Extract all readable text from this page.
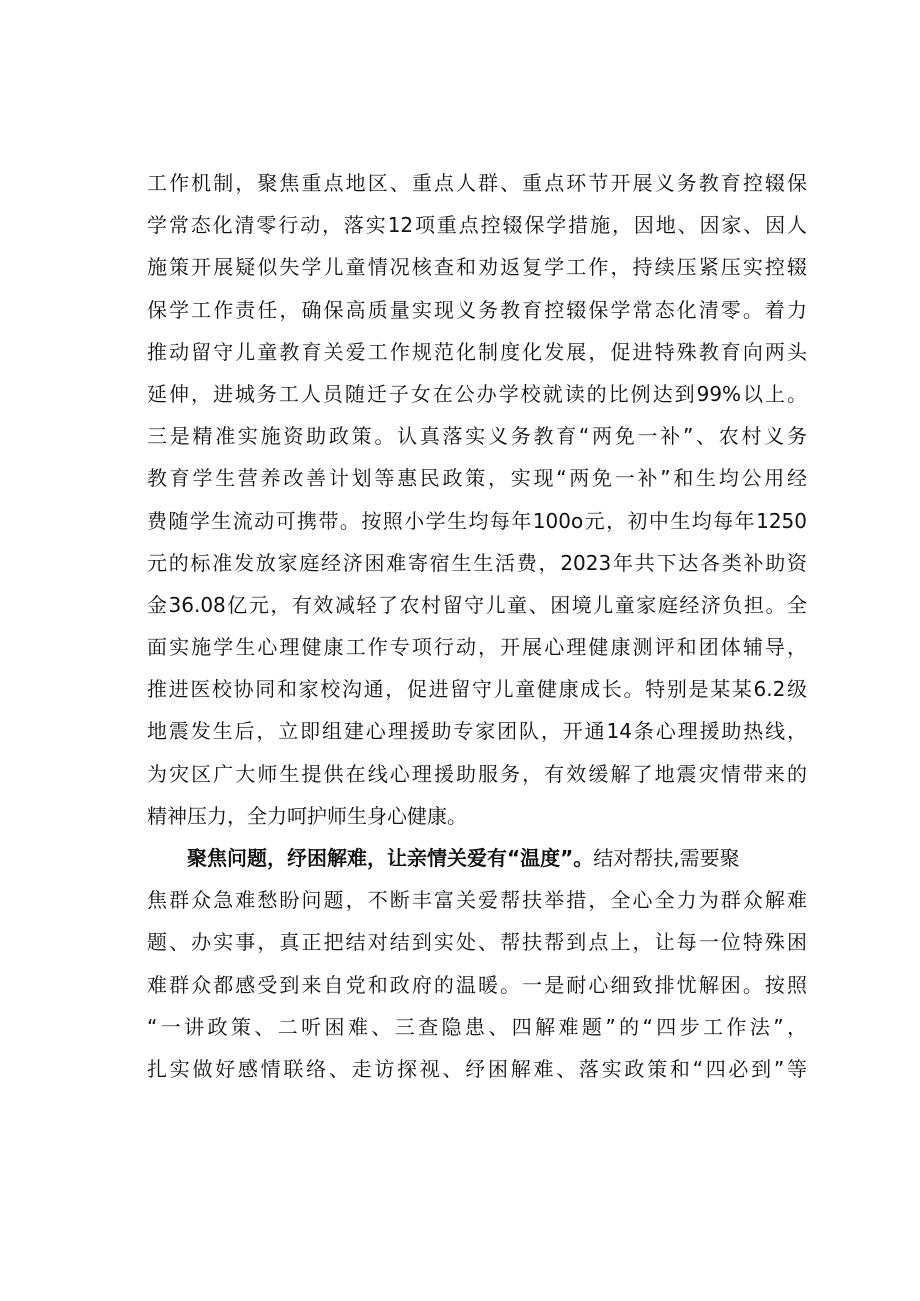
工作机制，聚焦重点地区、重点人群、重点环节开展义务教育控辍保
学常态化清零行动，落实12项重点控辍保学措施，因地、因家、因人
施策开展疑似失学儿童情况核查和劝返复学工作，持续压紧压实控辍
保学工作责任，确保高质量实现义务教育控辍保学常态化清零。着力
推动留守儿童教育关爱工作规范化制度化发展，促进特殊教育向两头
延伸，进城务工人员随迁子女在公办学校就读的比例达到99%以上。
三是精准实施资助政策。认真落实义务教育“两免一补”、农村义务
教育学生营养改善计划等惠民政策，实现“两免一补”和生均公用经
费随学生流动可携带。按照小学生均每年100o元，初中生均每年1250
元的标准发放家庭经济困难寄宿生生活费，2023年共下达各类补助资
金36.08亿元，有效减轻了农村留守儿童、困境儿童家庭经济负担。全
面实施学生心理健康工作专项行动，开展心理健康测评和团体辅导，
推进医校协同和家校沟通，促进留守儿童健康成长。特别是某某6.2级
地震发生后，立即组建心理援助专家团队，开通14条心理援助热线，
为灾区广大师生提供在线心理援助服务，有效缓解了地震灾情带来的
精神压力，全力呵护师生身心健康。
聚焦问题，纾困解难，让亲情关爱有“温度”。 结对帮扶,需要聚
焦群众急难愁盼问题，不断丰富关爱帮扶举措，全心全力为群众解难
题、办实事，真正把结对结到实处、帮扶帮到点上，让每一位特殊困
难群众都感受到来自党和政府的温暖。一是耐心细致排忧解困。按照
“一讲政策、二听困难、三查隐患、四解难题”的“四步工作法”，
扎实做好感情联络、走访探视、纾困解难、落实政策和“四必到”等
